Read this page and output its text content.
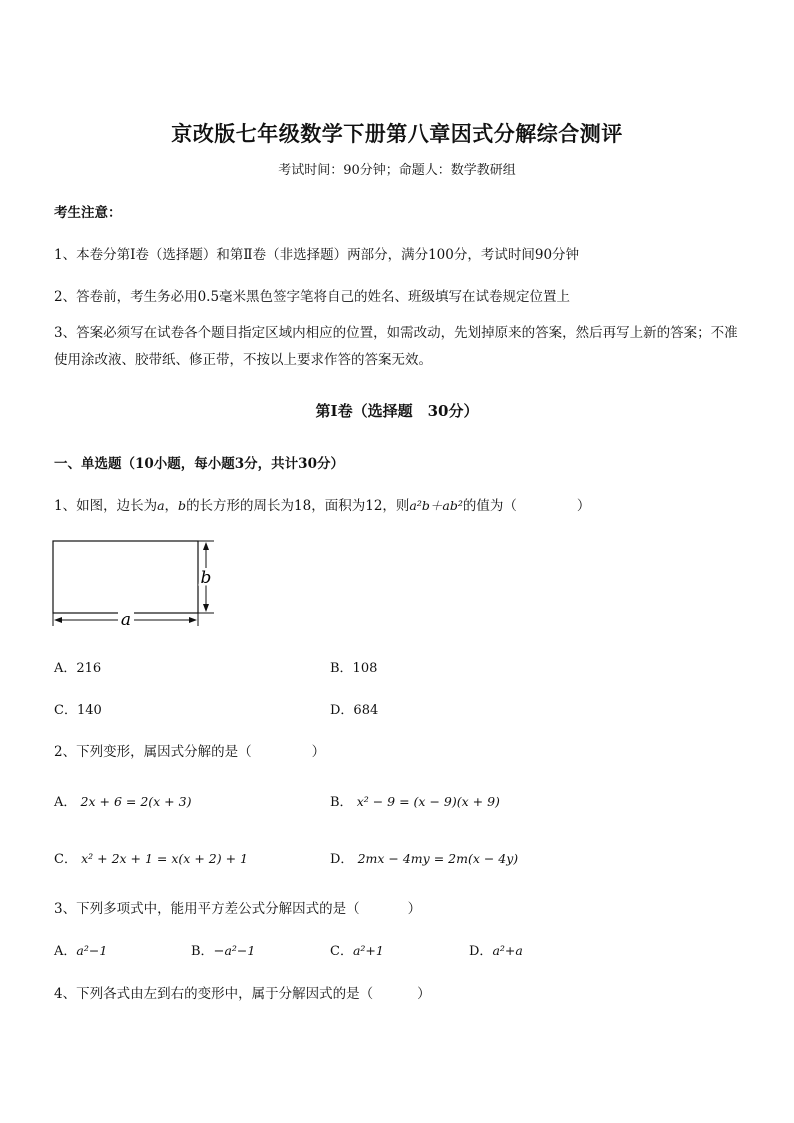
京改版七年级数学下册第八章因式分解综合测评
考试时间：90分钟；命题人：数学教研组
考生注意：
1、本卷分第Ⅰ卷（选择题）和第Ⅱ卷（非选择题）两部分，满分100分，考试时间90分钟
2、答卷前，考生务必用0.5毫米黑色签字笔将自己的姓名、班级填写在试卷规定位置上
3、答案必须写在试卷各个题目指定区域内相应的位置，如需改动，先划掉原来的答案，然后再写上新的答案；不准使用涂改液、胶带纸、修正带，不按以上要求作答的答案无效。
第Ⅰ卷（选择题　30分）
一、单选题（10小题，每小题3分，共计30分）
1、如图，边长为a，b的长方形的周长为18，面积为12，则a²b＋ab²的值为（	）
a
b
A．216	B．108
C．140	D．684
2、下列变形，属因式分解的是（	）
A． 2x + 6 = 2(x + 3)	B． x² − 9 = (x − 9)(x + 9)
C． x² + 2x + 1 = x(x + 2) + 1	D． 2mx − 4my = 2m(x − 4y)
3、下列多项式中，能用平方差公式分解因式的是（	）
A．a²−1	B．−a²−1	C．a²+1	D．a²+a
4、下列各式由左到右的变形中，属于分解因式的是（	）
